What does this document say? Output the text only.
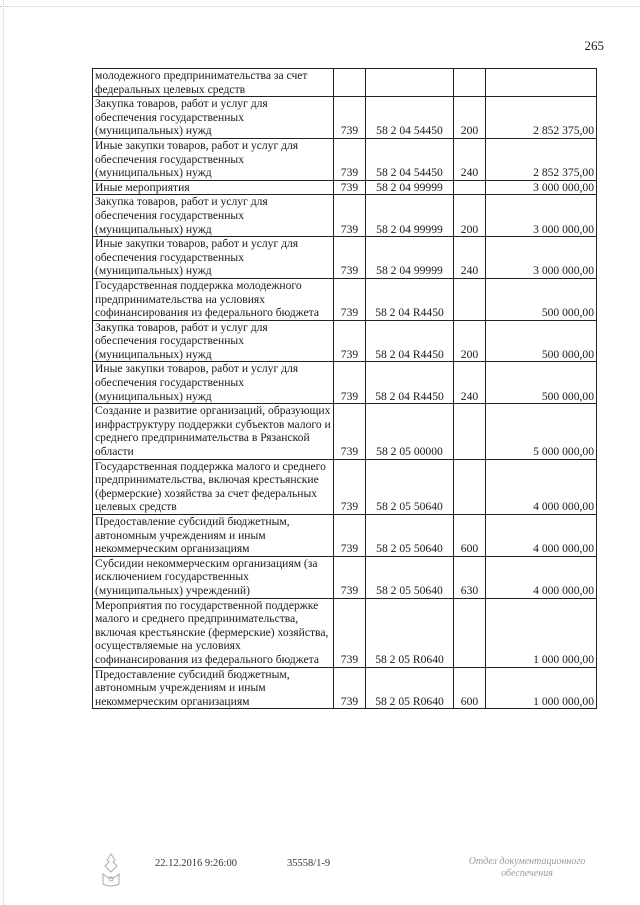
265
молодежного предпринимательства за счет федеральных целевых средств				
Закупка товаров, работ и услуг для обеспечения государственных (муниципальных) нужд	739	58 2 04 54450	200	2 852 375,00
Иные закупки товаров, работ и услуг для обеспечения государственных (муниципальных) нужд	739	58 2 04 54450	240	2 852 375,00
Иные мероприятия	739	58 2 04 99999		3 000 000,00
Закупка товаров, работ и услуг для обеспечения государственных (муниципальных) нужд	739	58 2 04 99999	200	3 000 000,00
Иные закупки товаров, работ и услуг для обеспечения государственных (муниципальных) нужд	739	58 2 04 99999	240	3 000 000,00
Государственная поддержка молодежного предпринимательства на условиях софинансирования из федерального бюджета	739	58 2 04 R4450		500 000,00
Закупка товаров, работ и услуг для обеспечения государственных (муниципальных) нужд	739	58 2 04 R4450	200	500 000,00
Иные закупки товаров, работ и услуг для обеспечения государственных (муниципальных) нужд	739	58 2 04 R4450	240	500 000,00
Создание и развитие организаций, образующих инфраструктуру поддержки субъектов малого и среднего предпринимательства в Рязанской области	739	58 2 05 00000		5 000 000,00
Государственная поддержка малого и среднего предпринимательства, включая крестьянские (фермерские) хозяйства за счет федеральных целевых средств	739	58 2 05 50640		4 000 000,00
Предоставление субсидий бюджетным, автономным учреждениям и иным некоммерческим организациям	739	58 2 05 50640	600	4 000 000,00
Субсидии некоммерческим организациям (за исключением государственных (муниципальных) учреждений)	739	58 2 05 50640	630	4 000 000,00
Мероприятия по государственной поддержке малого и среднего предпринимательства, включая крестьянские (фермерские) хозяйства, осуществляемые на условиях софинансирования из федерального бюджета	739	58 2 05 R0640		1 000 000,00
Предоставление субсидий бюджетным, автономным учреждениям и иным некоммерческим организациям	739	58 2 05 R0640	600	1 000 000,00
22.12.2016 9:26:00	35558/1-9	Отдел документационного обеспечения
